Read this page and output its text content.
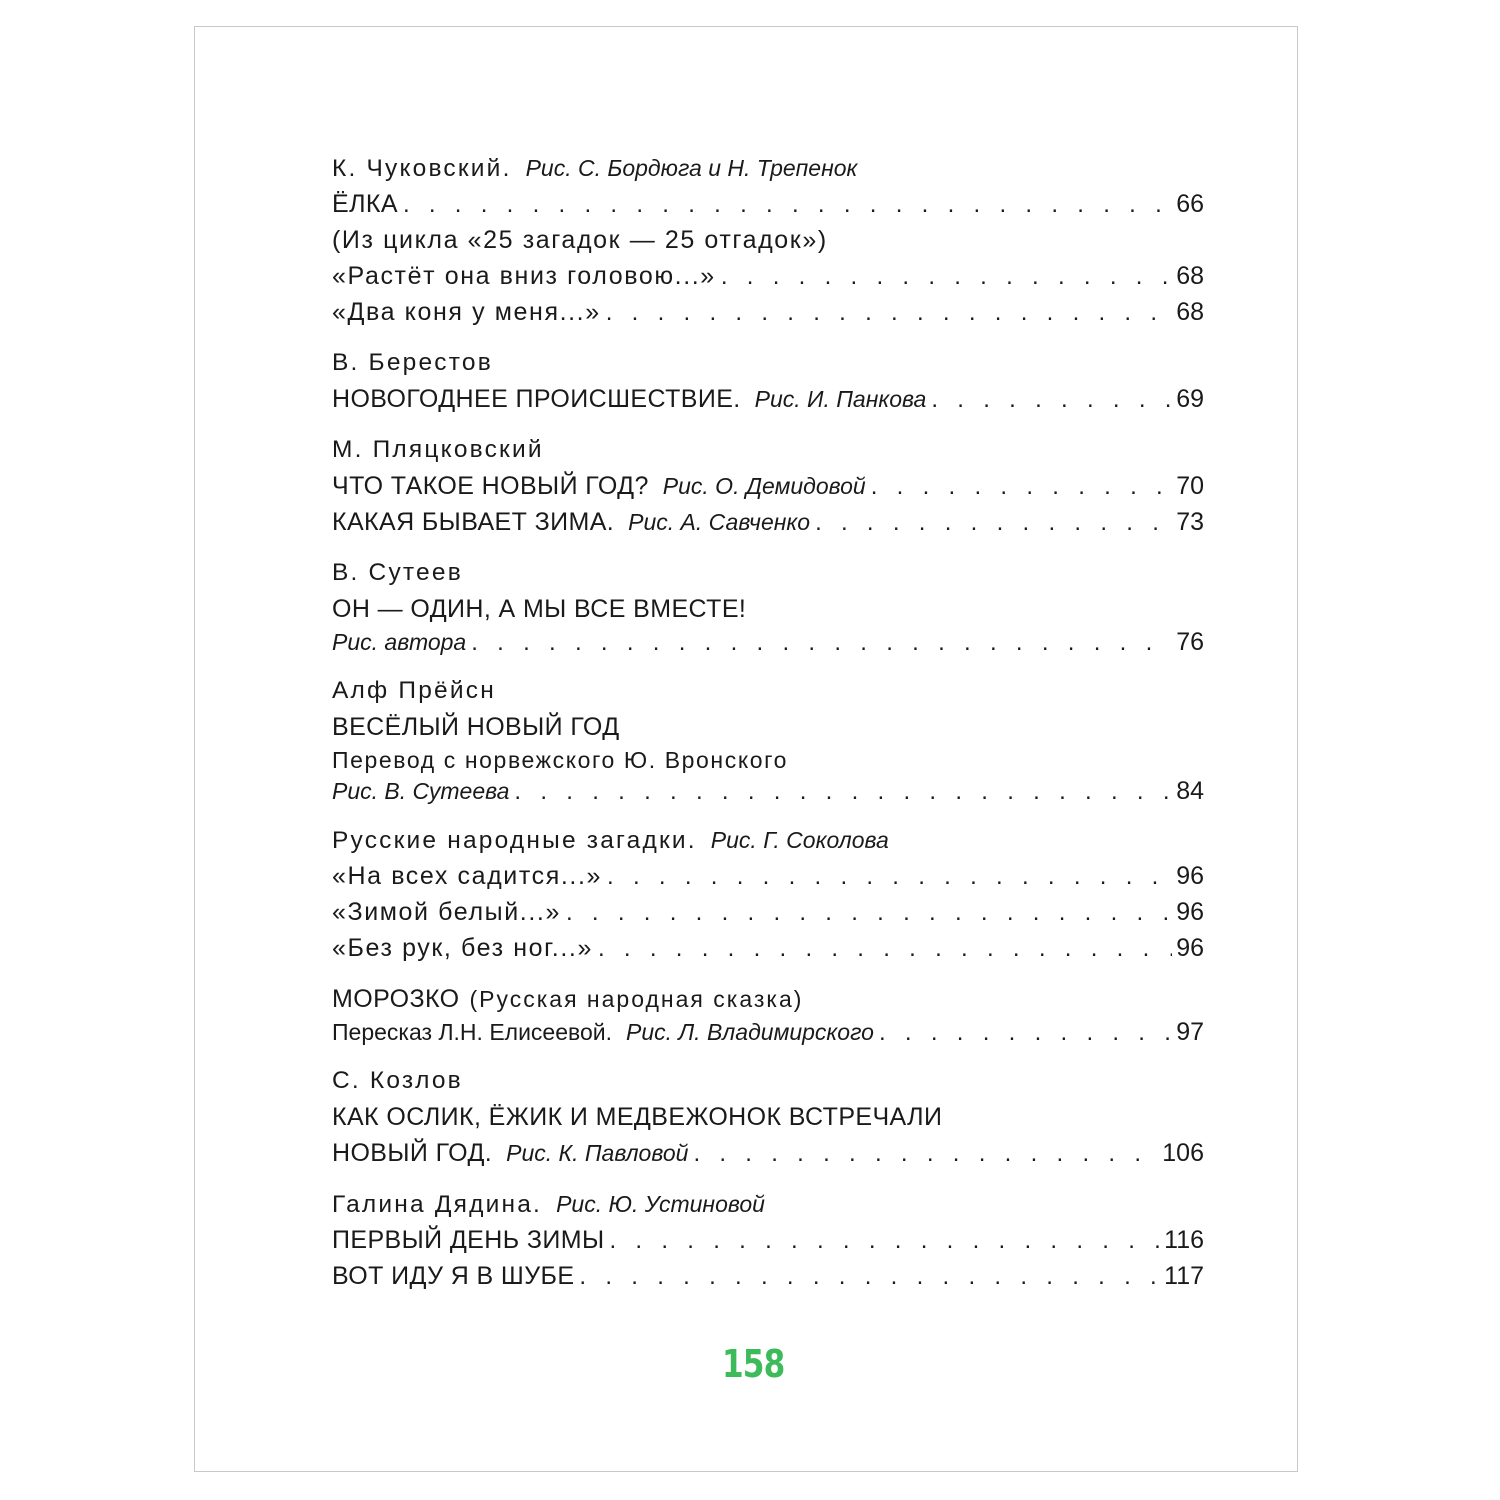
К. Чуковский. Рис. С. Бордюга и Н. Трепенок
ЁЛКА . . .	66
(Из цикла «25 загадок — 25 отгадок»)
«Растёт она вниз головою...» . . .	68
«Два коня у меня...» . . .	68
В. Берестов
НОВОГОДНЕЕ ПРОИСШЕСТВИЕ. Рис. И. Панкова . . .	69
М. Пляцковский
ЧТО ТАКОЕ НОВЫЙ ГОД? Рис. О. Демидовой . . .	70
КАКАЯ БЫВАЕТ ЗИМА. Рис. А. Савченко . . .	73
В. Сутеев
ОН — ОДИН, А МЫ ВСЕ ВМЕСТЕ!
Рис. автора . . .	76
Алф Прёйсн
ВЕСЁЛЫЙ НОВЫЙ ГОД
Перевод с норвежского Ю. Вронского
Рис. В. Сутеева . . .	84
Русские народные загадки. Рис. Г. Соколова
«На всех садится...» . . .	96
«Зимой белый...» . . .	96
«Без рук, без ног...» . . .	96
МОРОЗКО (Русская народная сказка)
Пересказ Л.Н. Елисеевой. Рис. Л. Владимирского . . .	97
С. Козлов
КАК ОСЛИК, ЁЖИК И МЕДВЕЖОНОК ВСТРЕЧАЛИ
НОВЫЙ ГОД. Рис. К. Павловой . . .	106
Галина Дядина. Рис. Ю. Устиновой
ПЕРВЫЙ ДЕНЬ ЗИМЫ . . .	116
ВОТ ИДУ Я В ШУБЕ . . .	117
158
